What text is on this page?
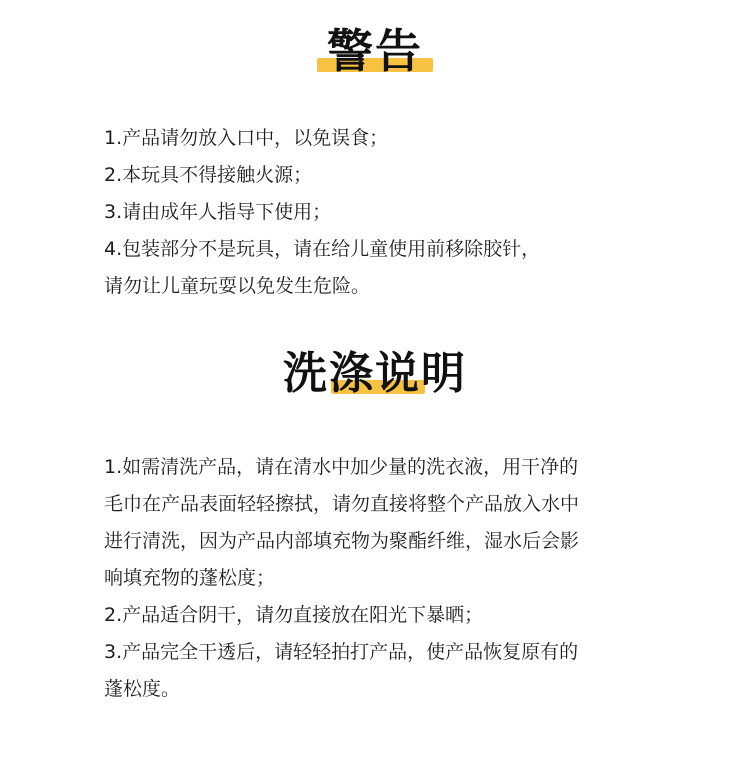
警告
1.产品请勿放入口中，以免误食；
2.本玩具不得接触火源；
3.请由成年人指导下使用；
4.包装部分不是玩具，请在给儿童使用前移除胶针，
请勿让儿童玩耍以免发生危险。
洗涤说明
1.如需清洗产品，请在清水中加少量的洗衣液，用干净的
毛巾在产品表面轻轻擦拭，请勿直接将整个产品放入水中
进行清洗，因为产品内部填充物为聚酯纤维，湿水后会影
响填充物的蓬松度；
2.产品适合阴干，请勿直接放在阳光下暴晒；
3.产品完全干透后，请轻轻拍打产品，使产品恢复原有的
蓬松度。
